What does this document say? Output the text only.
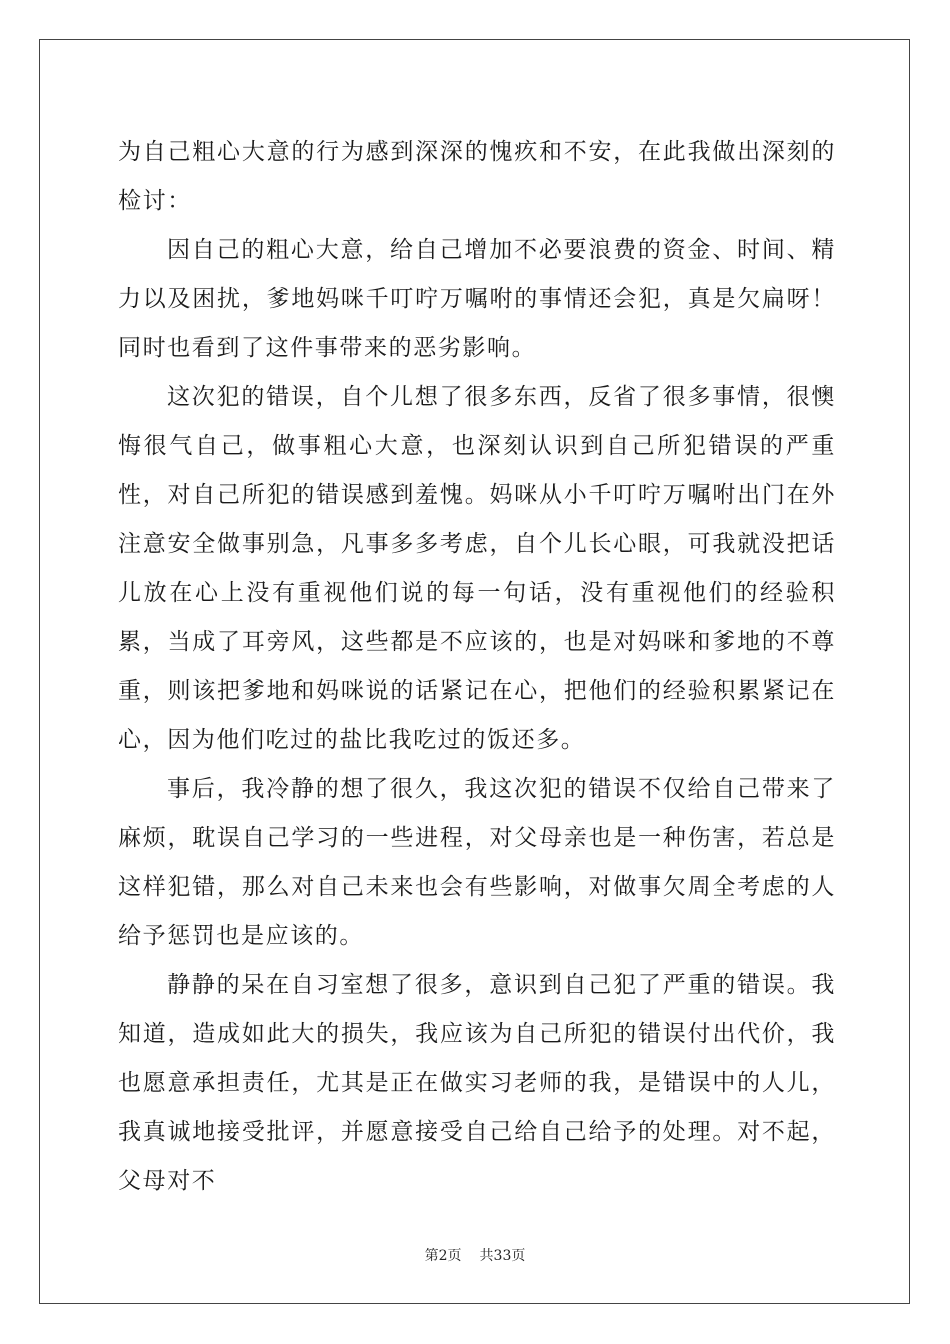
为自己粗心大意的行为感到深深的愧疚和不安，在此我做出深刻的检讨：

因自己的粗心大意，给自己增加不必要浪费的资金、时间、精力以及困扰，爹地妈咪千叮咛万嘱咐的事情还会犯，真是欠扁呀！同时也看到了这件事带来的恶劣影响。

这次犯的错误，自个儿想了很多东西，反省了很多事情，很懊悔很气自己，做事粗心大意，也深刻认识到自己所犯错误的严重性，对自己所犯的错误感到羞愧。妈咪从小千叮咛万嘱咐出门在外注意安全做事别急，凡事多多考虑，自个儿长心眼，可我就没把话儿放在心上没有重视他们说的每一句话，没有重视他们的经验积累，当成了耳旁风，这些都是不应该的，也是对妈咪和爹地的不尊重，则该把爹地和妈咪说的话紧记在心，把他们的经验积累紧记在心，因为他们吃过的盐比我吃过的饭还多。

事后，我冷静的想了很久，我这次犯的错误不仅给自己带来了麻烦，耽误自己学习的一些进程，对父母亲也是一种伤害，若总是这样犯错，那么对自己未来也会有些影响，对做事欠周全考虑的人给予惩罚也是应该的。

静静的呆在自习室想了很多，意识到自己犯了严重的错误。我知道，造成如此大的损失，我应该为自己所犯的错误付出代价，我也愿意承担责任，尤其是正在做实习老师的我，是错误中的人儿，我真诚地接受批评，并愿意接受自己给自己给予的处理。对不起，父母对不

第2页 共33页
